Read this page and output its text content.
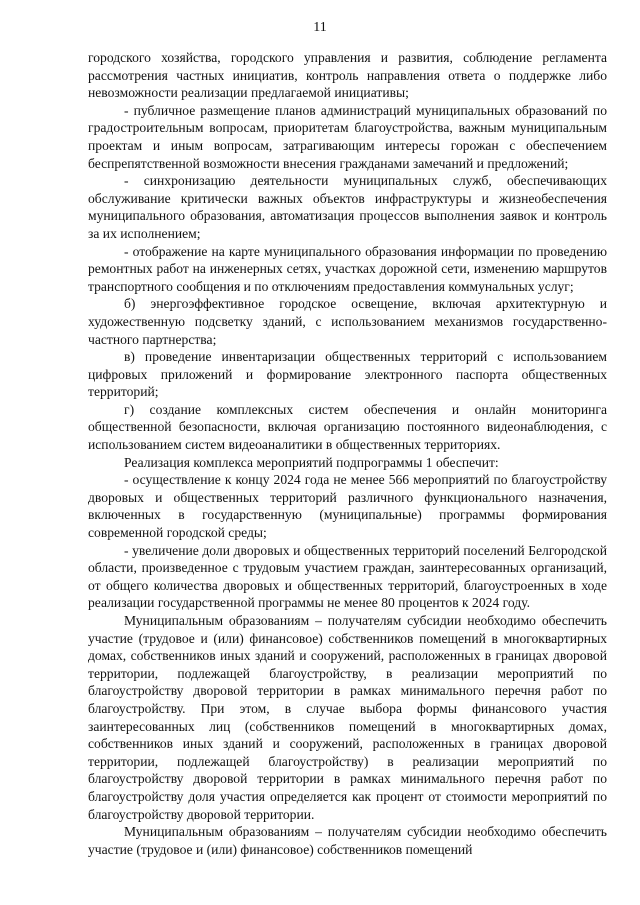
11

городского хозяйства, городского управления и развития, соблюдение регламента рассмотрения частных инициатив, контроль направления ответа о поддержке либо невозможности реализации предлагаемой инициативы;

- публичное размещение планов администраций муниципальных образований по градостроительным вопросам, приоритетам благоустройства, важным муниципальным проектам и иным вопросам, затрагивающим интересы горожан с обеспечением беспрепятственной возможности внесения гражданами замечаний и предложений;

- синхронизацию деятельности муниципальных служб, обеспечивающих обслуживание критически важных объектов инфраструктуры и жизнеобеспечения муниципального образования, автоматизация процессов выполнения заявок и контроль за их исполнением;

- отображение на карте муниципального образования информации по проведению ремонтных работ на инженерных сетях, участках дорожной сети, изменению маршрутов транспортного сообщения и по отключениям предоставления коммунальных услуг;

б) энергоэффективное городское освещение, включая архитектурную и художественную подсветку зданий, с использованием механизмов государственно-частного партнерства;

в) проведение инвентаризации общественных территорий с использованием цифровых приложений и формирование электронного паспорта общественных территорий;

г) создание комплексных систем обеспечения и онлайн мониторинга общественной безопасности, включая организацию постоянного видеонаблюдения, с использованием систем видеоаналитики в общественных территориях.

Реализация комплекса мероприятий подпрограммы 1 обеспечит:

- осуществление к концу 2024 года не менее 566 мероприятий по благоустройству дворовых и общественных территорий различного функционального назначения, включенных в государственную (муниципальные) программы формирования современной городской среды;

- увеличение доли дворовых и общественных территорий поселений Белгородской области, произведенное с трудовым участием граждан, заинтересованных организаций, от общего количества дворовых и общественных территорий, благоустроенных в ходе реализации государственной программы не менее 80 процентов к 2024 году.

Муниципальным образованиям – получателям субсидии необходимо обеспечить участие (трудовое и (или) финансовое) собственников помещений в многоквартирных домах, собственников иных зданий и сооружений, расположенных в границах дворовой территории, подлежащей благоустройству, в реализации мероприятий по благоустройству дворовой территории в рамках минимального перечня работ по благоустройству. При этом, в случае выбора формы финансового участия заинтересованных лиц (собственников помещений в многоквартирных домах, собственников иных зданий и сооружений, расположенных в границах дворовой территории, подлежащей благоустройству) в реализации мероприятий по благоустройству дворовой территории в рамках минимального перечня работ по благоустройству доля участия определяется как процент от стоимости мероприятий по благоустройству дворовой территории.

Муниципальным образованиям – получателям субсидии необходимо обеспечить участие (трудовое и (или) финансовое) собственников помещений
